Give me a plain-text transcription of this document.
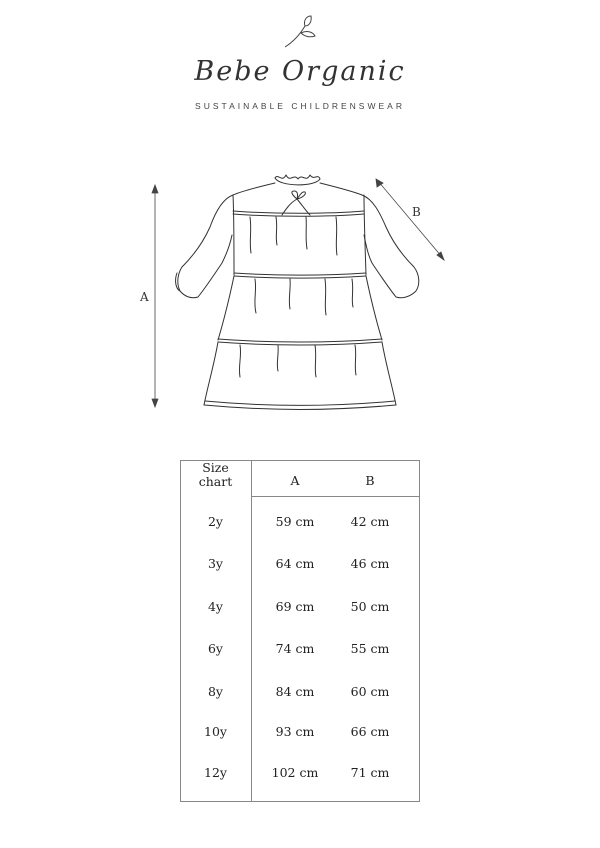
Bebe Organic
SUSTAINABLE CHILDRENSWEAR
A
B
Size chart	A	B
2y	59 cm	42 cm
3y	64 cm	46 cm
4y	69 cm	50 cm
6y	74 cm	55 cm
8y	84 cm	60 cm
10y	93 cm	66 cm
12y	102 cm	71 cm
